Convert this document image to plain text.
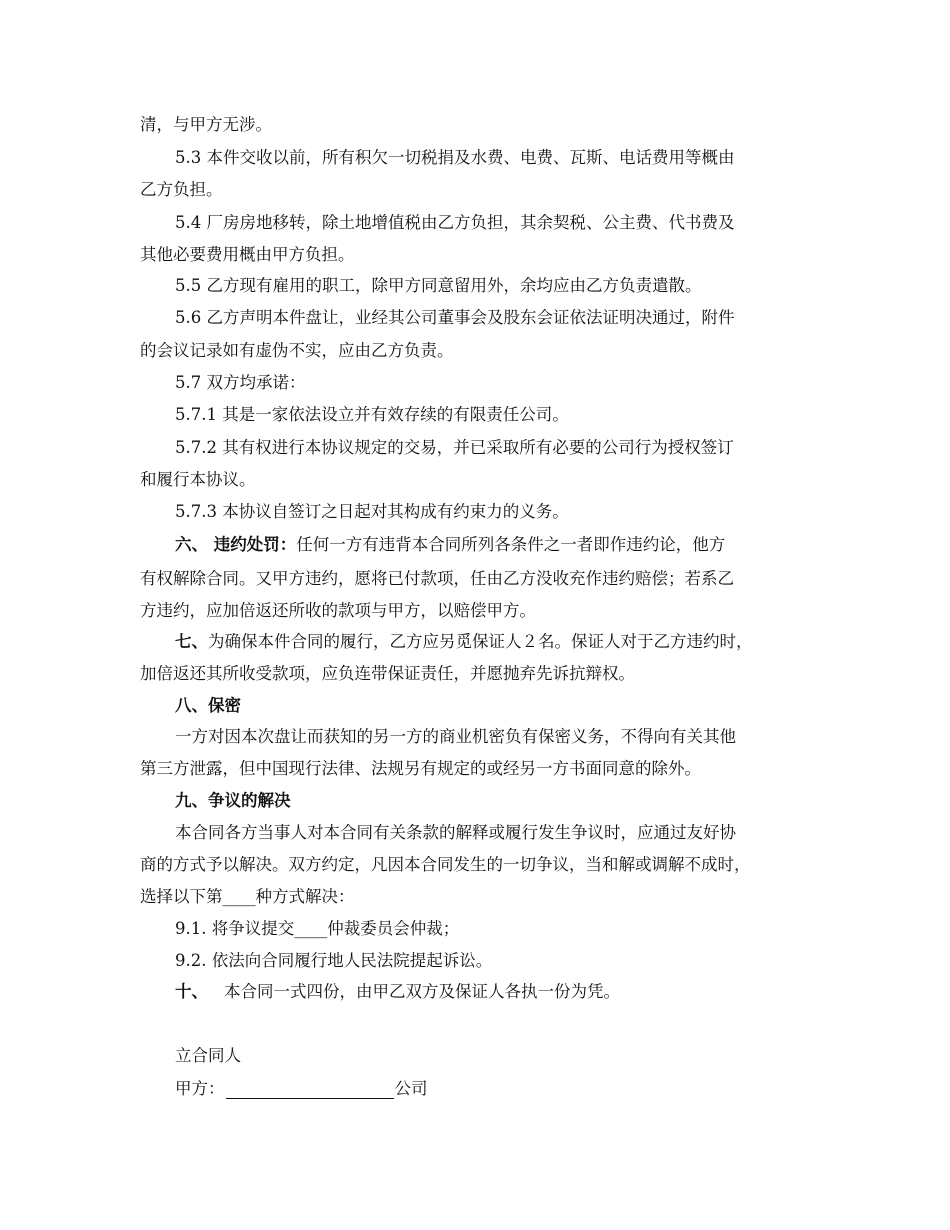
清，与甲方无涉。
5.3 本件交收以前，所有积欠一切税捐及水费、电费、瓦斯、电话费用等概由
乙方负担。
5.4 厂房房地移转，除土地增值税由乙方负担，其余契税、公主费、代书费及
其他必要费用概由甲方负担。
5.5 乙方现有雇用的职工，除甲方同意留用外，余均应由乙方负责遣散。
5.6 乙方声明本件盘让，业经其公司董事会及股东会证依法证明决通过，附件
的会议记录如有虚伪不实，应由乙方负责。
5.7 双方均承诺：
5.7.1 其是一家依法设立并有效存续的有限责任公司。
5.7.2 其有权进行本协议规定的交易，并已采取所有必要的公司行为授权签订
和履行本协议。
5.7.3 本协议自签订之日起对其构成有约束力的义务。
六、 违约处罚：任何一方有违背本合同所列各条件之一者即作违约论，他方
有权解除合同。又甲方违约，愿将已付款项，任由乙方没收充作违约赔偿；若系乙
方违约，应加倍返还所收的款项与甲方，以赔偿甲方。
七、为确保本件合同的履行，乙方应另觅保证人２名。保证人对于乙方违约时，
加倍返还其所收受款项，应负连带保证责任，并愿抛弃先诉抗辩权。
八、保密
一方对因本次盘让而获知的另一方的商业机密负有保密义务，不得向有关其他
第三方泄露，但中国现行法律、法规另有规定的或经另一方书面同意的除外。
九、争议的解决
本合同各方当事人对本合同有关条款的解释或履行发生争议时，应通过友好协
商的方式予以解决。双方约定，凡因本合同发生的一切争议，当和解或调解不成时，
选择以下第____种方式解决：
9.1. 将争议提交____仲裁委员会仲裁；
9.2. 依法向合同履行地人民法院提起诉讼。
十、 本合同一式四份，由甲乙双方及保证人各执一份为凭。
立合同人
甲方：	公司
